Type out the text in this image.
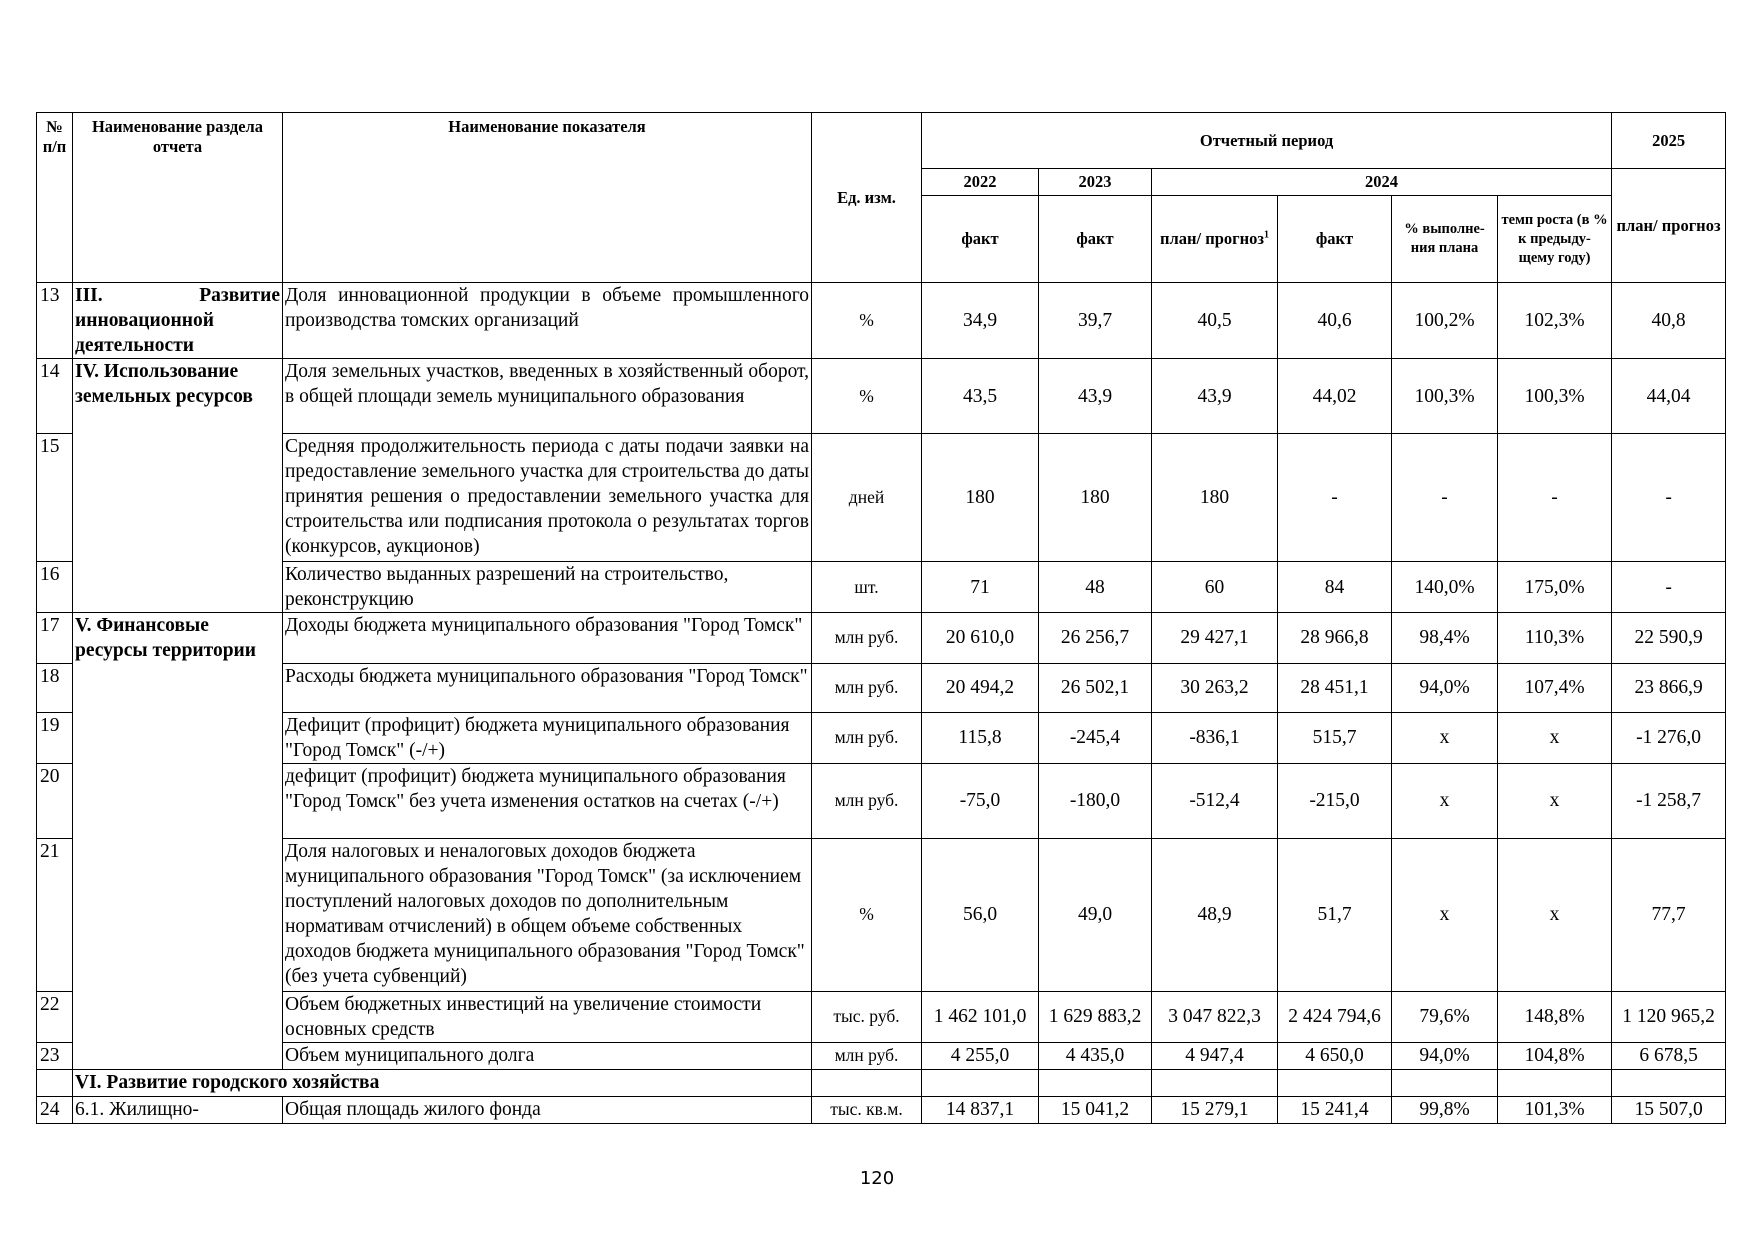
№ п/п	Наименование раздела отчета	Наименование показателя	Ед. изм.	Отчетный период						2025
				2022	2023	2024				план/ прогноз
				факт	факт	план/ прогноз$^1$	факт	% выполне- ния плана	темп роста (в % к предыду- щему году)	
13	III. Развитие инновационной деятельности	Доля инновационной продукции в объеме промышленного производства томских организаций	%	34,9	39,7	40,5	40,6	100,2%	102,3%	40,8
14	IV. Использование земельных ресурсов	Доля земельных участков, введенных в хозяйственный оборот, в общей площади земель муниципального образования	%	43,5	43,9	43,9	44,02	100,3%	100,3%	44,04
15		Средняя продолжительность периода с даты подачи заявки на предоставление земельного участка для строительства до даты принятия решения о предоставлении земельного участка для строительства или подписания протокола о результатах торгов (конкурсов, аукционов)	дней	180	180	180	-	-	-	-
16		Количество выданных разрешений на строительство, реконструкцию	шт.	71	48	60	84	140,0%	175,0%	-
17	V. Финансовые ресурсы территории	Доходы бюджета муниципального образования "Город Томск"	млн руб.	20 610,0	26 256,7	29 427,1	28 966,8	98,4%	110,3%	22 590,9
18		Расходы бюджета муниципального образования "Город Томск"	млн руб.	20 494,2	26 502,1	30 263,2	28 451,1	94,0%	107,4%	23 866,9
19		Дефицит (профицит) бюджета муниципального образования "Город Томск" (-/+)	млн руб.	115,8	-245,4	-836,1	515,7	x	x	-1 276,0
20		дефицит (профицит) бюджета муниципального образования "Город Томск" без учета изменения остатков на счетах (-/+)	млн руб.	-75,0	-180,0	-512,4	-215,0	x	x	-1 258,7
21		Доля налоговых и неналоговых доходов бюджета муниципального образования "Город Томск" (за исключением поступлений налоговых доходов по дополнительным нормативам отчислений) в общем объеме собственных доходов бюджета муниципального образования "Город Томск" (без учета субвенций)	%	56,0	49,0	48,9	51,7	x	x	77,7
22		Объем бюджетных инвестиций на увеличение стоимости основных средств	тыс. руб.	1 462 101,0	1 629 883,2	3 047 822,3	2 424 794,6	79,6%	148,8%	1 120 965,2
23		Объем муниципального долга	млн руб.	4 255,0	4 435,0	4 947,4	4 650,0	94,0%	104,8%	6 678,5
	VI. Развитие городского хозяйства									
24	6.1. Жилищно-	Общая площадь жилого фонда	тыс. кв.м.	14 837,1	15 041,2	15 279,1	15 241,4	99,8%	101,3%	15 507,0
120
